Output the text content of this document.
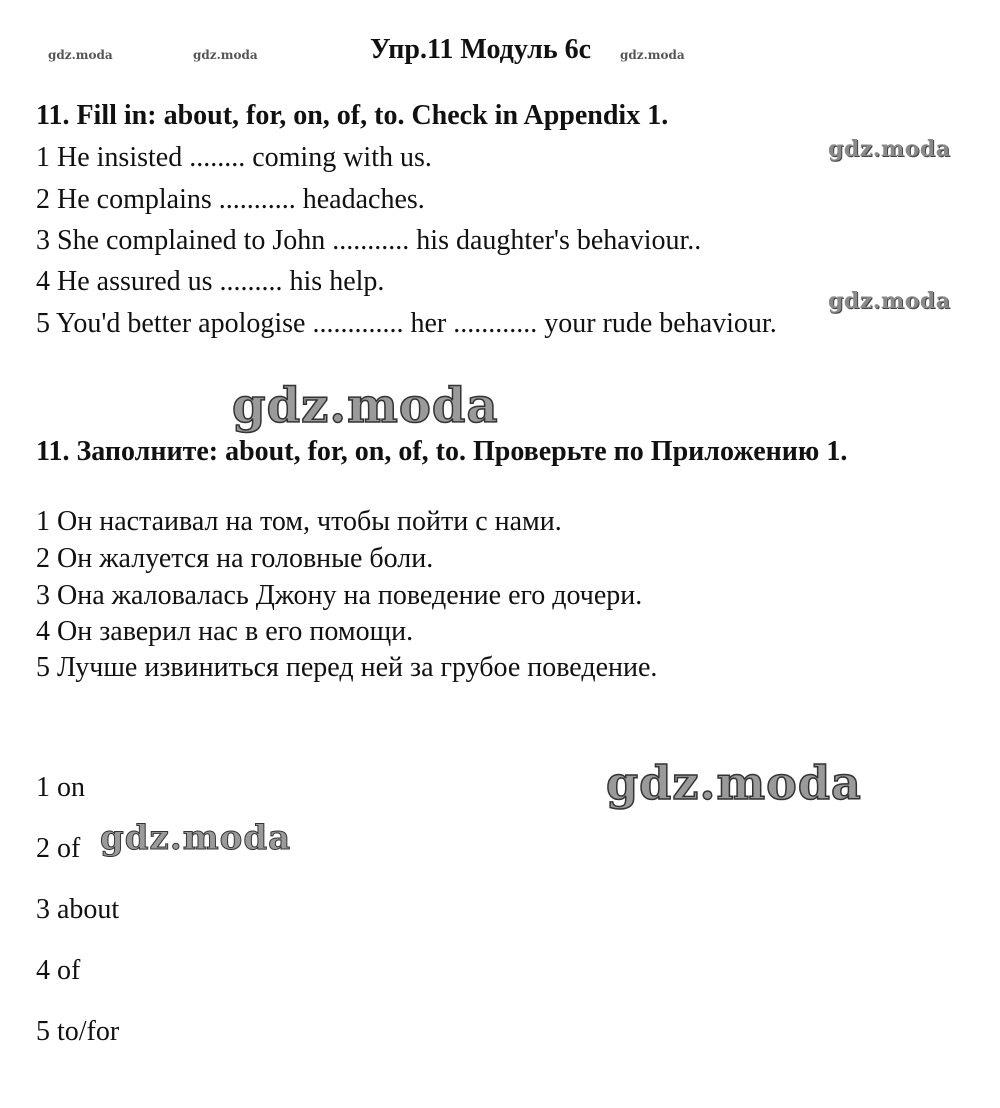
gdz.moda	gdz.moda	Упр.11 Модуль 6с gdz.moda
11. Fill in: about, for, on, of, to. Check in Appendix 1.
1 He insisted ........ coming with us.
2 He complains ........... headaches.
3 She complained to John ........... his daughter's behaviour..
4 He assured us ......... his help.
5 You'd better apologise ............. her ............ your rude behaviour.
gdz.moda
gdz.moda
gdz.moda
11. Заполните: about, for, on, of, to. Проверьте по Приложению 1.
1 Он настаивал на том, чтобы пойти с нами.
2 Он жалуется на головные боли.
3 Она жаловалась Джону на поведение его дочери.
4 Он заверил нас в его помощи.
5 Лучше извиниться перед ней за грубое поведение.
1 on
2 of
3 about
4 of
5 to/for
gdz.moda
gdz.moda
